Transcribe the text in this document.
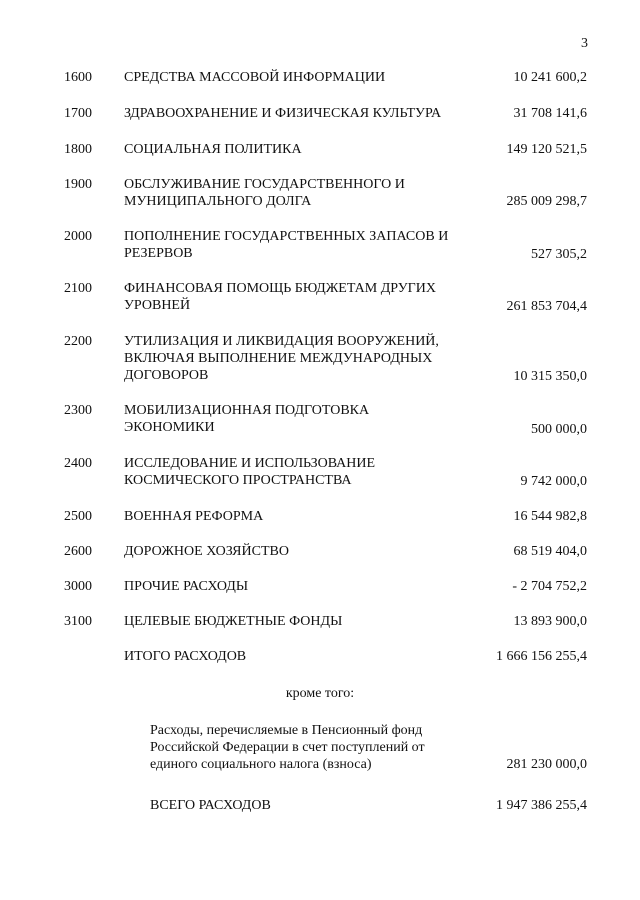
3
1600	СРЕДСТВА МАССОВОЙ ИНФОРМАЦИИ	10 241 600,2
1700	ЗДРАВООХРАНЕНИЕ И ФИЗИЧЕСКАЯ КУЛЬТУРА	31 708 141,6
1800	СОЦИАЛЬНАЯ ПОЛИТИКА	149 120 521,5
1900	ОБСЛУЖИВАНИЕ ГОСУДАРСТВЕННОГО И
МУНИЦИПАЛЬНОГО ДОЛГА	285 009 298,7
2000	ПОПОЛНЕНИЕ ГОСУДАРСТВЕННЫХ ЗАПАСОВ И
РЕЗЕРВОВ	527 305,2
2100	ФИНАНСОВАЯ ПОМОЩЬ БЮДЖЕТАМ ДРУГИХ
УРОВНЕЙ	261 853 704,4
2200	УТИЛИЗАЦИЯ И ЛИКВИДАЦИЯ ВООРУЖЕНИЙ,
ВКЛЮЧАЯ ВЫПОЛНЕНИЕ МЕЖДУНАРОДНЫХ
ДОГОВОРОВ	10 315 350,0
2300	МОБИЛИЗАЦИОННАЯ ПОДГОТОВКА
ЭКОНОМИКИ	500 000,0
2400	ИССЛЕДОВАНИЕ И ИСПОЛЬЗОВАНИЕ
КОСМИЧЕСКОГО ПРОСТРАНСТВА	9 742 000,0
2500	ВОЕННАЯ РЕФОРМА	16 544 982,8
2600	ДОРОЖНОЕ ХОЗЯЙСТВО	68 519 404,0
3000	ПРОЧИЕ РАСХОДЫ	- 2 704 752,2
3100	ЦЕЛЕВЫЕ БЮДЖЕТНЫЕ ФОНДЫ	13 893 900,0
ИТОГО РАСХОДОВ	1 666 156 255,4
кроме того:
Расходы, перечисляемые в Пенсионный фонд
Российской Федерации в счет поступлений от
единого социального налога (взноса)	281 230 000,0
ВСЕГО РАСХОДОВ	1 947 386 255,4
